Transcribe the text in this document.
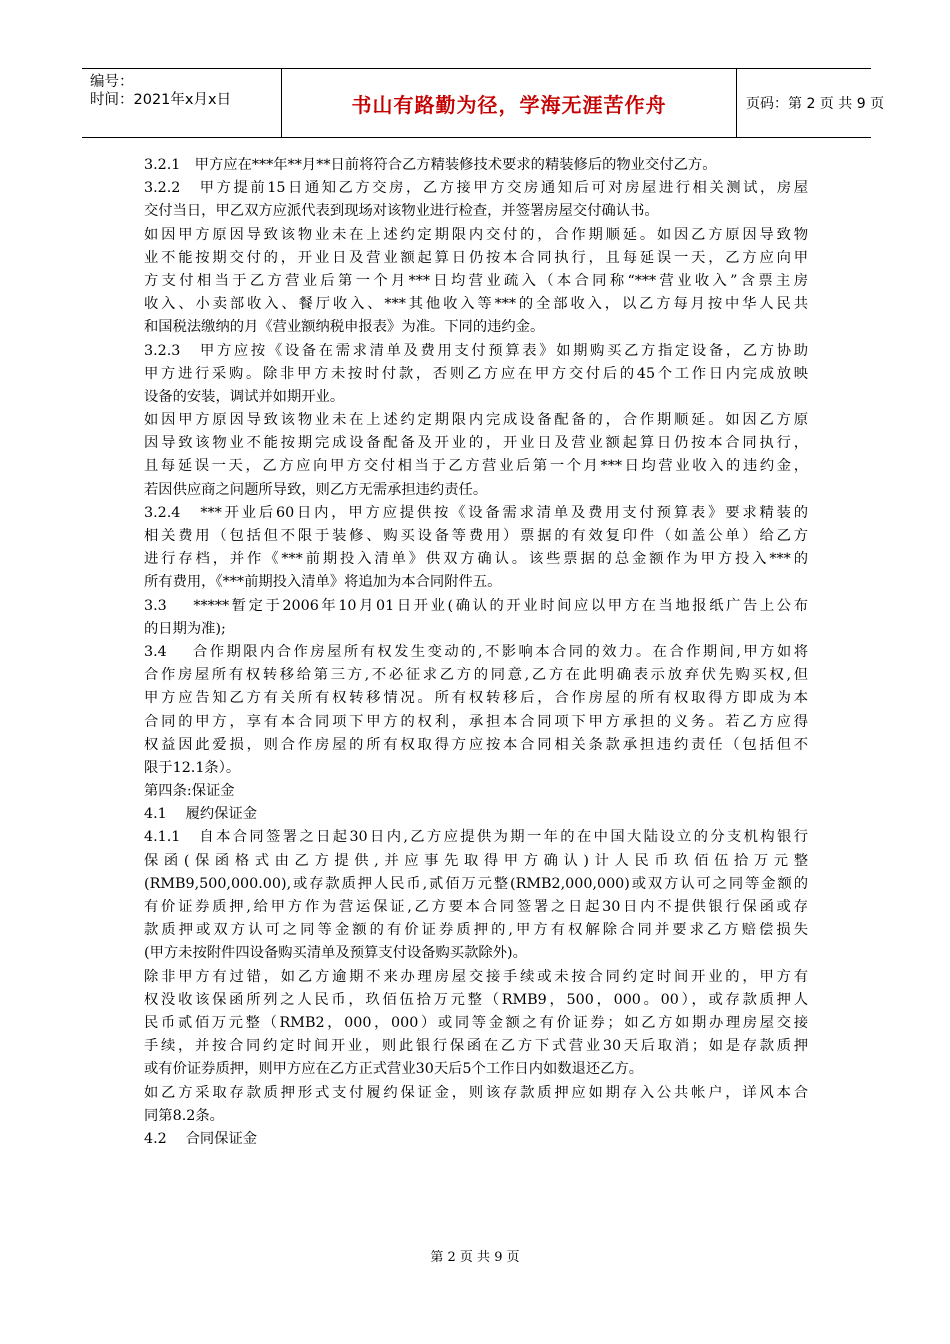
编号：
时间：2021年x月x日	书山有路勤为径，学海无涯苦作舟	页码：第 2 页 共 9 页
3.2.1　甲方应在***年**月**日前将符合乙方精装修技术要求的精装修后的物业交付乙方。
3.2.2　甲方提前15日通知乙方交房，乙方接甲方交房通知后可对房屋进行相关测试，房屋
交付当日，甲乙双方应派代表到现场对该物业进行检查，并签署房屋交付确认书。
如因甲方原因导致该物业未在上述约定期限内交付的，合作期顺延。如因乙方原因导致物
业不能按期交付的，开业日及营业额起算日仍按本合同执行，且每延误一天，乙方应向甲
方支付相当于乙方营业后第一个月***日均营业疏入（本合同称“***营业收入”含票主房
收入、小卖部收入、餐厅收入、***其他收入等***的全部收入，以乙方每月按中华人民共
和国税法缴纳的月《营业额纳税申报表》为准。下同的违约金。
3.2.3　甲方应按《设备在需求清单及费用支付预算表》如期购买乙方指定设备，乙方协助
甲方进行采购。除非甲方未按时付款，否则乙方应在甲方交付后的45个工作日内完成放映
设备的安装，调试并如期开业。
如因甲方原因导致该物业未在上述约定期限内完成设备配备的，合作期顺延。如因乙方原
因导致该物业不能按期完成设备配备及开业的，开业日及营业额起算日仍按本合同执行，
且每延误一天，乙方应向甲方交付相当于乙方营业后第一个月***日均营业收入的违约金，
若因供应商之问题所导致，则乙方无需承担违约责任。
3.2.4　***开业后60日内，甲方应提供按《设备需求清单及费用支付预算表》要求精装的
相关费用（包括但不限于装修、购买设备等费用）票据的有效复印件（如盖公单）给乙方
进行存档，并作《***前期投入清单》供双方确认。该些票据的总金额作为甲方投入***的
所有费用，《***前期投入清单》将追加为本合同附件五。
3.3　 *****暂定于2006年10月01日开业(确认的开业时间应以甲方在当地报纸广告上公布
的日期为准);
3.4　 合作期限内合作房屋所有权发生变动的,不影响本合同的效力。在合作期间,甲方如将
合作房屋所有权转移给第三方,不必征求乙方的同意,乙方在此明确表示放弃伏先购买权,但
甲方应告知乙方有关所有权转移情况。所有权转移后，合作房屋的所有权取得方即成为本
合同的甲方，享有本合同项下甲方的权利，承担本合同项下甲方承担的义务。若乙方应得
权益因此爱损，则合作房屋的所有权取得方应按本合同相关条款承担违约责任（包括但不
限于12.1条）。
第四条:保证金
4.1　 履约保证金
4.1.1　自本合同签署之日起30日内,乙方应提供为期一年的在中国大陆设立的分支机构银行
保函(保函格式由乙方提供,并应事先取得甲方确认)计人民币玖佰伍拾万元整
(RMB9,500,000.00),或存款质押人民币,贰佰万元整(RMB2,000,000)或双方认可之同等金额的
有价证券质押,给甲方作为营运保证,乙方要本合同签署之日起30日内不提供银行保函或存
款质押或双方认可之同等金额的有价证券质押的,甲方有权解除合同并要求乙方赔偿损失
(甲方未按附件四设备购买清单及预算支付设备购买款除外)。
除非甲方有过错，如乙方逾期不来办理房屋交接手续或未按合同约定时间开业的，甲方有
权没收该保函所列之人民币，玖佰伍拾万元整（RMB9，500，000。00），或存款质押人
民币贰佰万元整（RMB2，000，000）或同等金额之有价证券；如乙方如期办理房屋交接
手续，并按合同约定时间开业，则此银行保函在乙方下式营业30天后取消；如是存款质押
或有价证券质押，则甲方应在乙方正式营业30天后5个工作日内如数退还乙方。
如乙方采取存款质押形式支付履约保证金，则该存款质押应如期存入公共帐户，详风本合
同第8.2条。
4.2　 合同保证金
第 2 页 共 9 页
